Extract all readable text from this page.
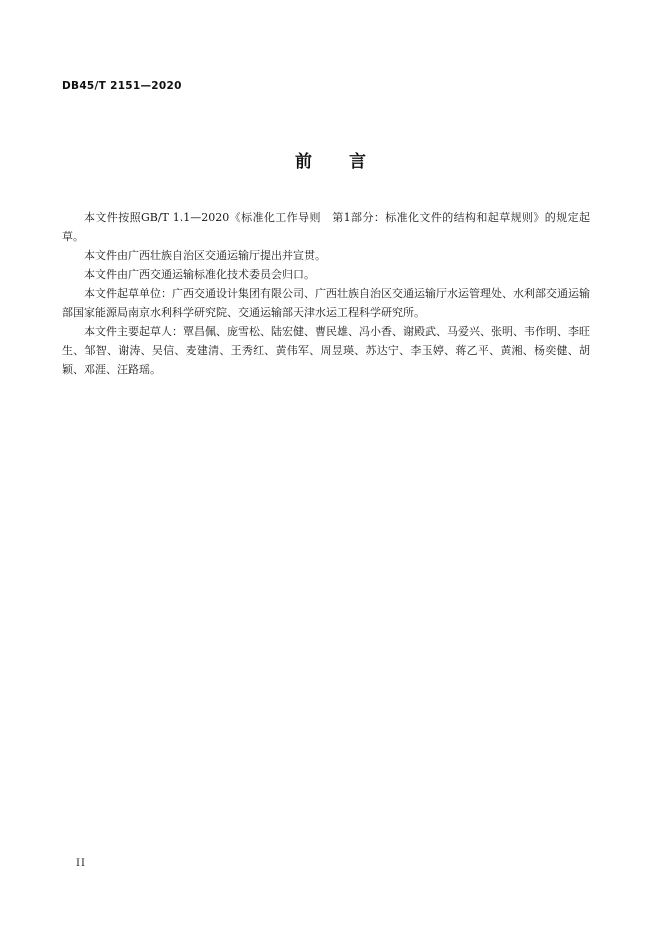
DB45/T 2151—2020
前 言

本文件按照GB/T 1.1—2020《标准化工作导则　第1部分：标准化文件的结构和起草规则》的规定起草。

本文件由广西壮族自治区交通运输厅提出并宣贯。

本文件由广西交通运输标准化技术委员会归口。

本文件起草单位：广西交通设计集团有限公司、广西壮族自治区交通运输厅水运管理处、水利部交通运输部国家能源局南京水利科学研究院、交通运输部天津水运工程科学研究所。

本文件主要起草人：覃昌佩、庞雪松、陆宏健、曹民雄、冯小香、谢殿武、马爱兴、张明、韦作明、李旺生、邹智、谢涛、吴信、麦建清、王秀红、黄伟军、周昱瑛、苏达宁、李玉婷、蒋乙平、黄湘、杨奕健、胡颖、邓涯、汪路瑶。

II
